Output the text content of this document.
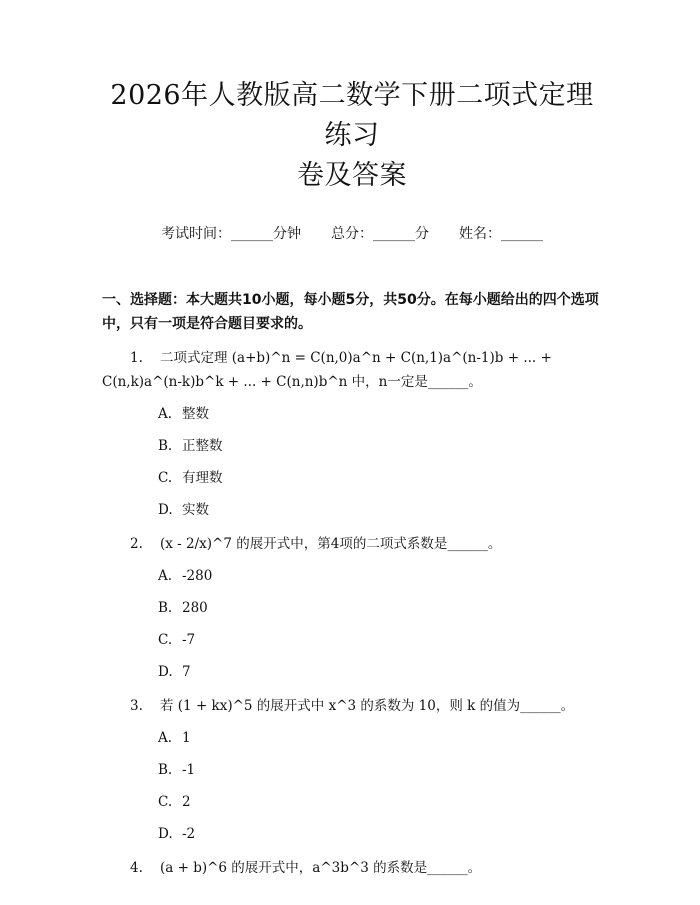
2026年人教版高二数学下册二项式定理练习
卷及答案
考试时间：______分钟 总分：______分 姓名：______
一、选择题：本大题共10小题，每小题5分，共50分。在每小题给出的四个选项中，只有一项是符合题目要求的。
1. 二项式定理 (a+b)^n = C(n,0)a^n + C(n,1)a^(n-1)b + ... + C(n,k)a^(n-k)b^k + ... + C(n,n)b^n 中，n一定是______。
A. 整数
B. 正整数
C. 有理数
D. 实数
2. (x - 2/x)^7 的展开式中，第4项的二项式系数是______。
A. -280
B. 280
C. -7
D. 7
3. 若 (1 + kx)^5 的展开式中 x^3 的系数为 10，则 k 的值为______。
A. 1
B. -1
C. 2
D. -2
4. (a + b)^6 的展开式中，a^3b^3 的系数是______。
